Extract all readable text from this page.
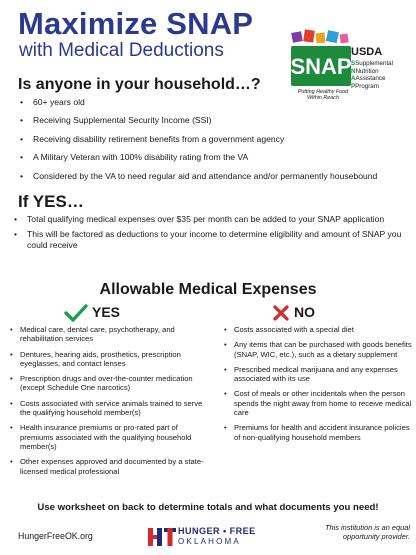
Maximize SNAP
with Medical Deductions
SNAP
Putting Healthy Food
Within Reach
USDA
SSupplemental
NNutrition
AAssistance
PProgram
Is anyone in your household…?
• 60+ years old
• Receiving Supplemental Security Income (SSI)
• Receiving disability retirement benefits from a government agency
• A Military Veteran with 100% disability rating from the VA
• Considered by the VA to need regular aid and attendance and/or permanently housebound
If YES…
• Total qualifying medical expenses over $35 per month can be added to your SNAP application
• This will be factored as deductions to your income to determine eligibility and amount of SNAP you could receive
Allowable Medical Expenses
YES	NO
• Medical care, dental care, psychotherapy, and rehabilitation services
• Dentures, hearing aids, prosthetics, prescription eyeglasses, and contact lenses
• Prescription drugs and over-the-counter medication (except Schedule One narcotics)
• Costs associated with service animals trained to serve the qualifying household member(s)
• Health insurance premiums or pro-rated part of premiums associated with the qualifying household member(s)
• Other expenses approved and documented by a state-licensed medical professional
• Costs associated with a special diet
• Any items that can be purchased with goods benefits (SNAP, WIC, etc.), such as a dietary supplement
• Prescribed medical marijuana and any expenses associated with its use
• Cost of meals or other incidentals when the person spends the night away from home to receive medical care
• Premiums for health and accident insurance policies of non-qualifying household members
Use worksheet on back to determine totals and what documents you need!
HungerFreeOK.org	HUNGER • FREE
OKLAHOMA
This institution is an equal
opportunity provider.
